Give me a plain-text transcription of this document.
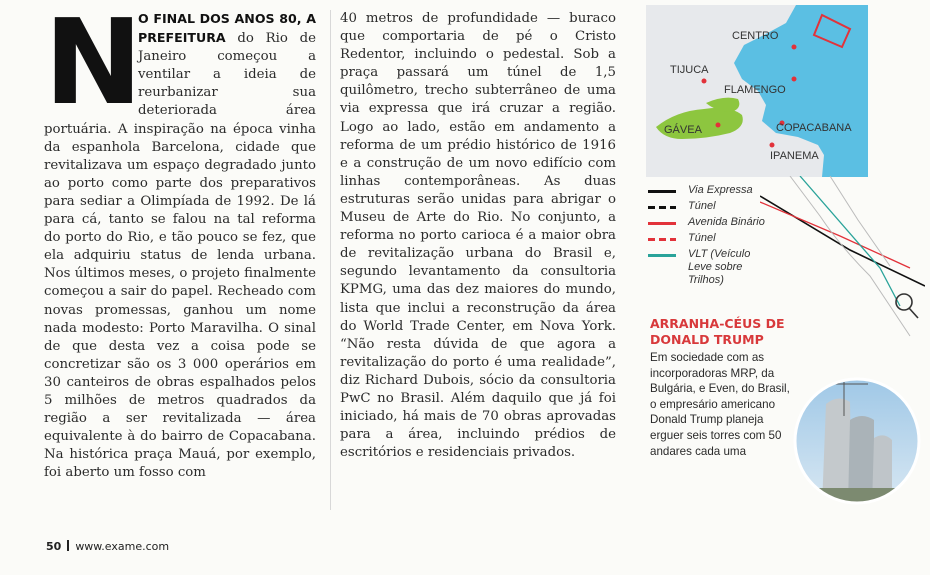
N O FINAL DOS ANOS 80, A PREFEITURA do Rio de Janeiro começou a ventilar a ideia de reurbanizar sua deteriorada área portuária. A inspiração na época vinha da espanhola Barcelona, cidade que revitalizava um espaço degradado junto ao porto como parte dos preparativos para sediar a Olimpíada de 1992. De lá para cá, tanto se falou na tal reforma do porto do Rio, e tão pouco se fez, que ela adquiriu status de lenda urbana. Nos últimos meses, o projeto finalmente começou a sair do papel. Recheado com novas promessas, ganhou um nome nada modesto: Porto Maravilha. O sinal de que desta vez a coisa pode se concretizar são os 3 000 operários em 30 canteiros de obras espalhados pelos 5 milhões de metros quadrados da região a ser revitalizada — área equivalente à do bairro de Copacabana. Na histórica praça Mauá, por exemplo, foi aberto um fosso com
40 metros de profundidade — buraco que comportaria de pé o Cristo Redentor, incluindo o pedestal. Sob a praça passará um túnel de 1,5 quilômetro, trecho subterrâneo de uma via expressa que irá cruzar a região. Logo ao lado, estão em andamento a reforma de um prédio histórico de 1916 e a construção de um novo edifício com linhas contemporâneas. As duas estruturas serão unidas para abrigar o Museu de Arte do Rio. No conjunto, a reforma no porto carioca é a maior obra de revitalização urbana do Brasil e, segundo levantamento da consultoria KPMG, uma das dez maiores do mundo, lista que inclui a reconstrução da área do World Trade Center, em Nova York. “Não resta dúvida de que agora a revitalização do porto é uma realidade”, diz Richard Dubois, sócio da consultoria PwC no Brasil. Além daquilo que já foi iniciado, há mais de 70 obras aprovadas para a área, incluindo prédios de escritórios e residenciais privados.
CENTRO
TIJUCA
FLAMENGO
GÁVEA	COPACABANA
IPANEMA
Via Expressa
Túnel
Avenida Binário
Túnel
VLT (Veículo Leve sobre Trilhos)
ARRANHA-CÉUS DE DONALD TRUMP
Em sociedade com as incorporadoras MRP, da Bulgária, e Even, do Brasil, o empresário americano Donald Trump planeja erguer seis torres com 50 andares cada uma
50 www.exame.com
